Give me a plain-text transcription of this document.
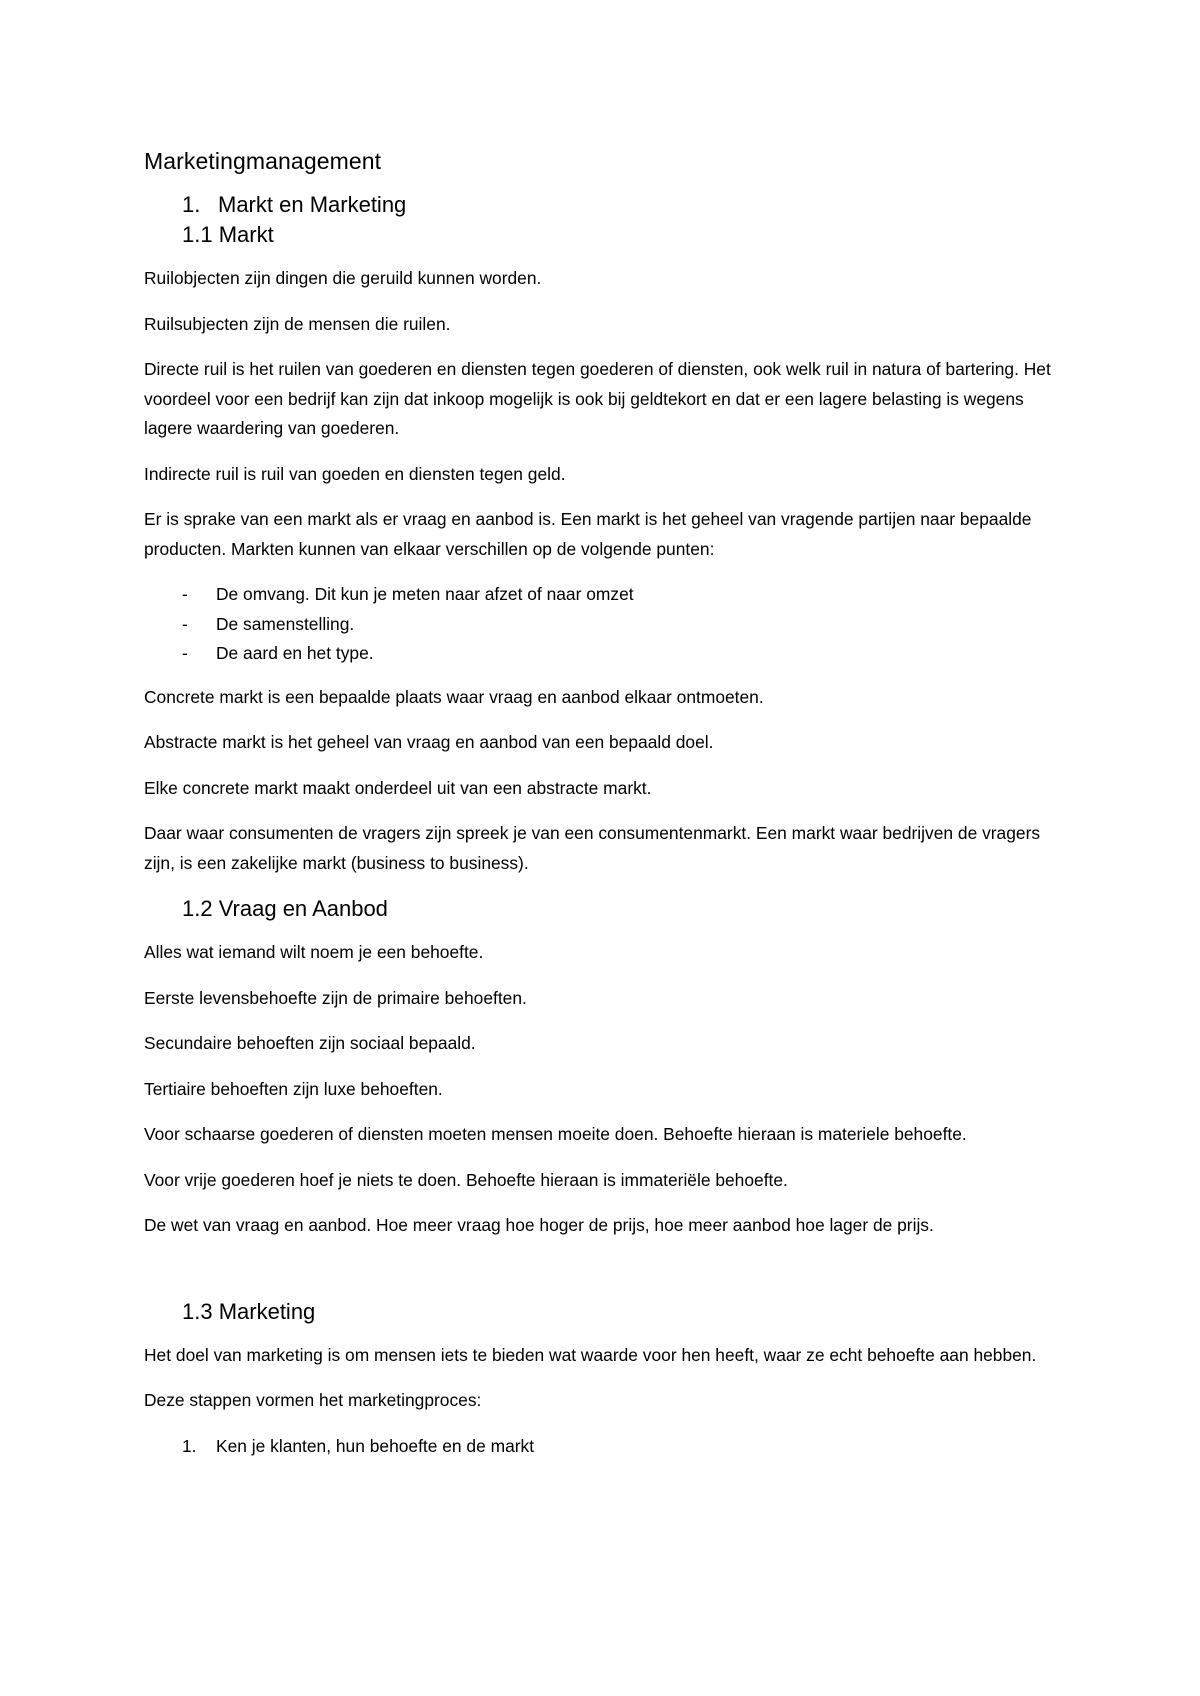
Marketingmanagement
1. Markt en Marketing
1.1 Markt

Ruilobjecten zijn dingen die geruild kunnen worden.

Ruilsubjecten zijn de mensen die ruilen.

Directe ruil is het ruilen van goederen en diensten tegen goederen of diensten, ook welk ruil in natura of bartering. Het voordeel voor een bedrijf kan zijn dat inkoop mogelijk is ook bij geldtekort en dat er een lagere belasting is wegens lagere waardering van goederen.

Indirecte ruil is ruil van goeden en diensten tegen geld.

Er is sprake van een markt als er vraag en aanbod is. Een markt is het geheel van vragende partijen naar bepaalde producten. Markten kunnen van elkaar verschillen op de volgende punten:

- De omvang. Dit kun je meten naar afzet of naar omzet
- De samenstelling.
- De aard en het type.

Concrete markt is een bepaalde plaats waar vraag en aanbod elkaar ontmoeten.

Abstracte markt is het geheel van vraag en aanbod van een bepaald doel.

Elke concrete markt maakt onderdeel uit van een abstracte markt.

Daar waar consumenten de vragers zijn spreek je van een consumentenmarkt. Een markt waar bedrijven de vragers zijn, is een zakelijke markt (business to business).

1.2 Vraag en Aanbod

Alles wat iemand wilt noem je een behoefte.

Eerste levensbehoefte zijn de primaire behoeften.

Secundaire behoeften zijn sociaal bepaald.

Tertiaire behoeften zijn luxe behoeften.

Voor schaarse goederen of diensten moeten mensen moeite doen. Behoefte hieraan is materiele behoefte.

Voor vrije goederen hoef je niets te doen. Behoefte hieraan is immateriële behoefte.

De wet van vraag en aanbod. Hoe meer vraag hoe hoger de prijs, hoe meer aanbod hoe lager de prijs.

1.3 Marketing

Het doel van marketing is om mensen iets te bieden wat waarde voor hen heeft, waar ze echt behoefte aan hebben.

Deze stappen vormen het marketingproces:

1. Ken je klanten, hun behoefte en de markt
